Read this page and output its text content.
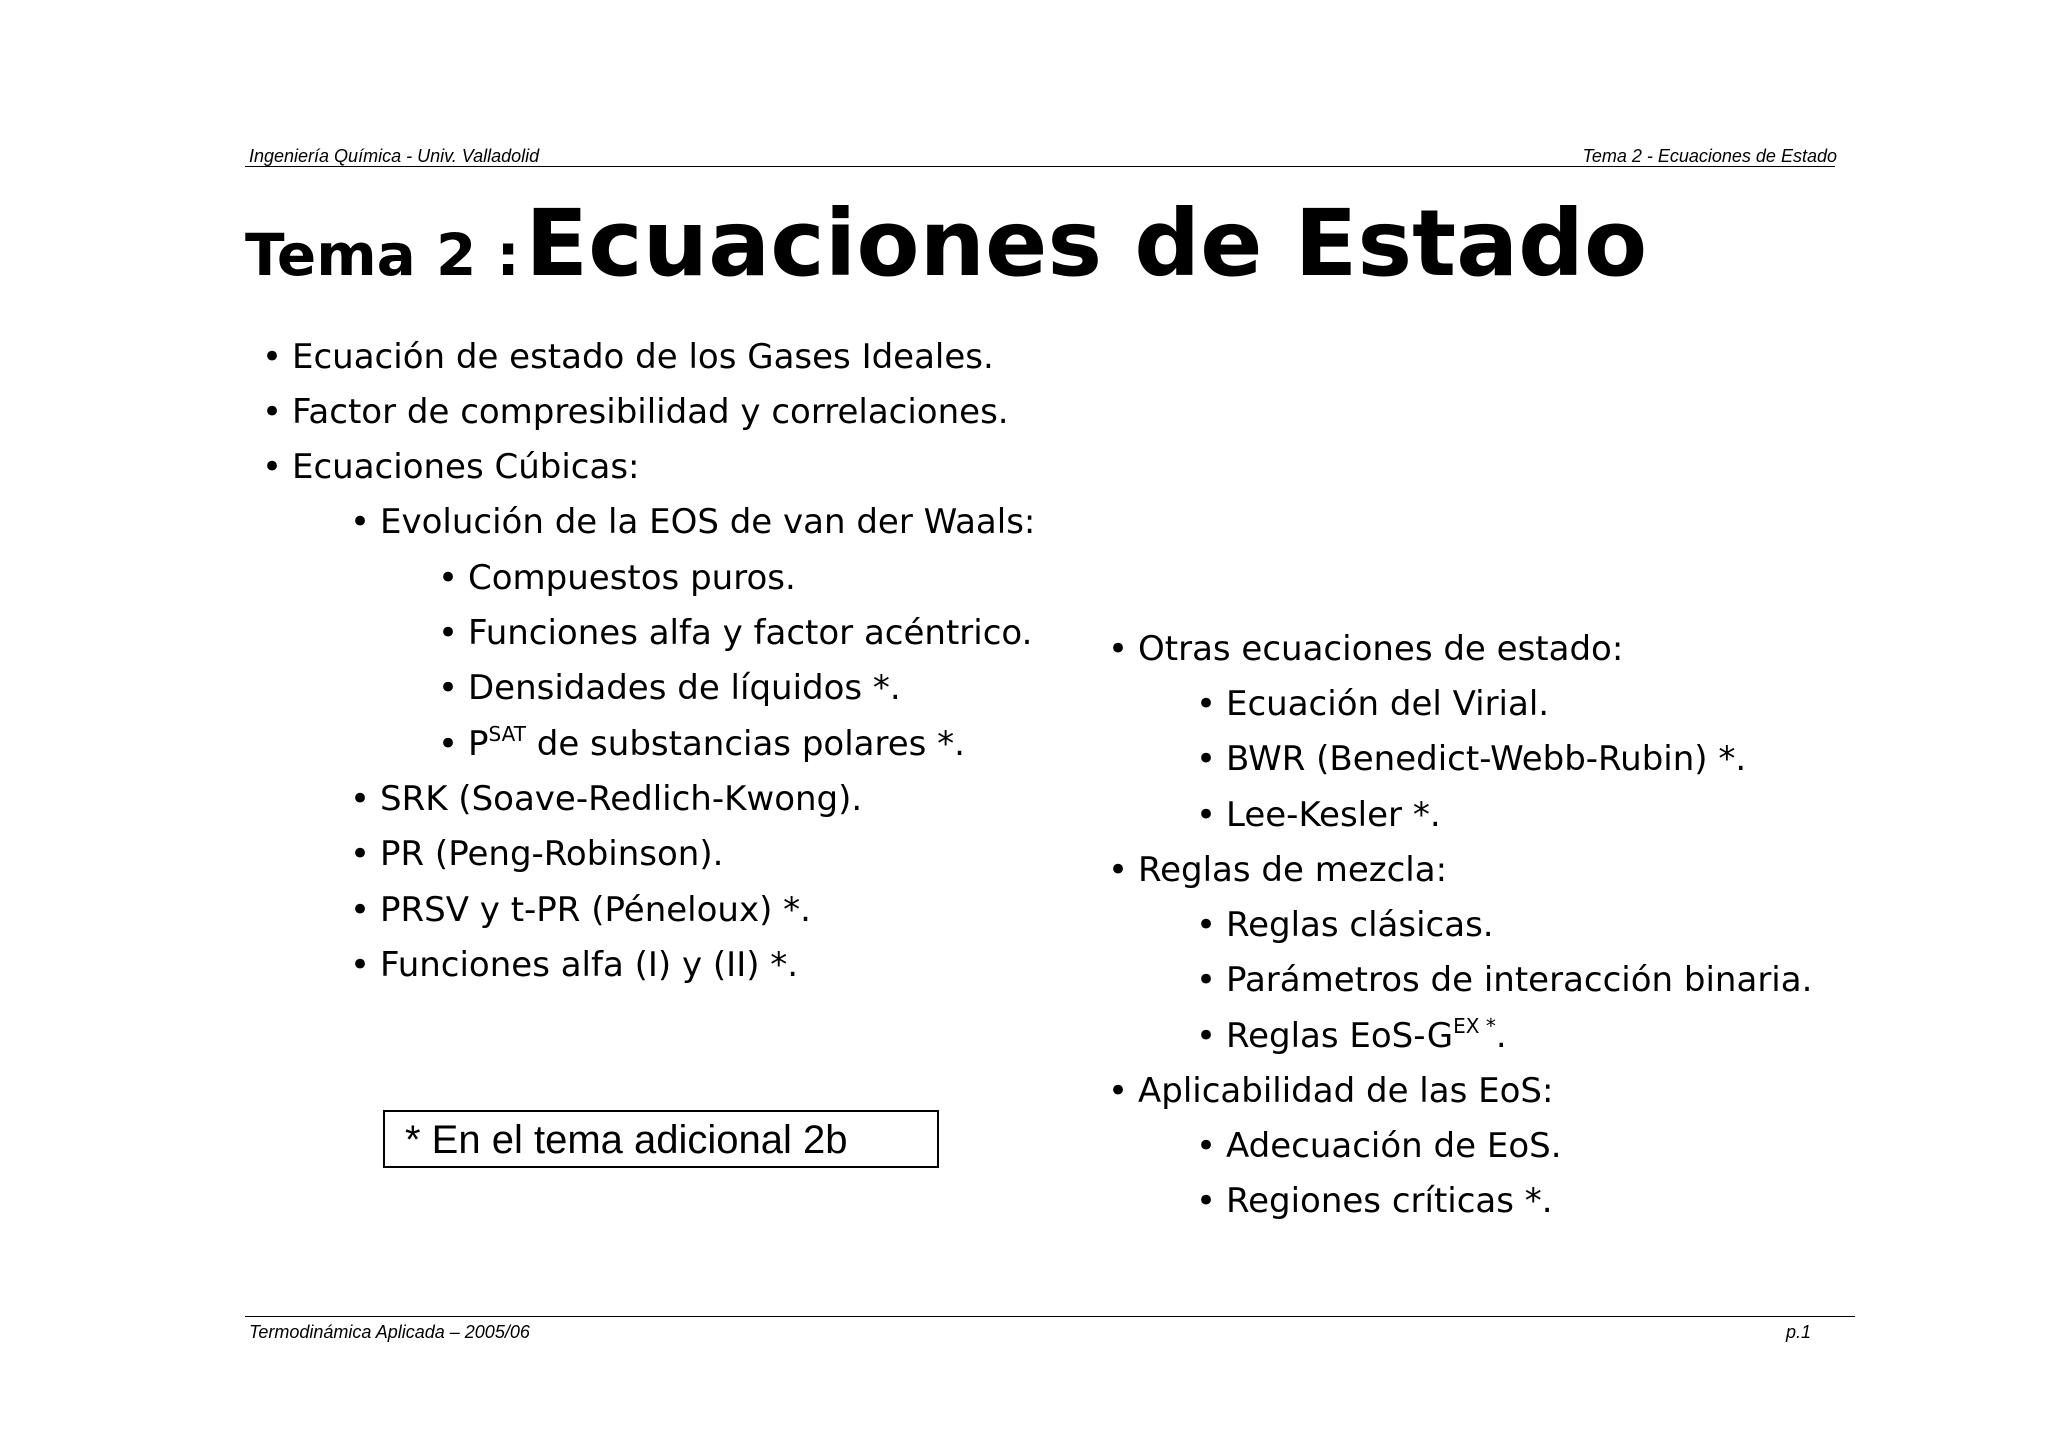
Ingeniería Química - Univ. Valladolid	Tema 2 - Ecuaciones de Estado
Tema 2 : Ecuaciones de Estado
• Ecuación de estado de los Gases Ideales.
• Factor de compresibilidad y correlaciones.
• Ecuaciones Cúbicas:
• Evolución de la EOS de van der Waals:
• Compuestos puros.
• Funciones alfa y factor acéntrico.
• Densidades de líquidos *.
• $P^{SAT}$ de substancias polares *.
• SRK (Soave-Redlich-Kwong).
• PR (Peng-Robinson).
• PRSV y t-PR (Péneloux) *.
• Funciones alfa (I) y (II) *.
• Otras ecuaciones de estado:
• Ecuación del Virial.
• BWR (Benedict-Webb-Rubin) *.
• Lee-Kesler *.
• Reglas de mezcla:
• Reglas clásicas.
• Parámetros de interacción binaria.
• Reglas EoS-$G^{EX *}$.
• Aplicabilidad de las EoS:
• Adecuación de EoS.
• Regiones críticas *.
* En el tema adicional 2b
Termodinámica Aplicada – 2005/06	p.1
